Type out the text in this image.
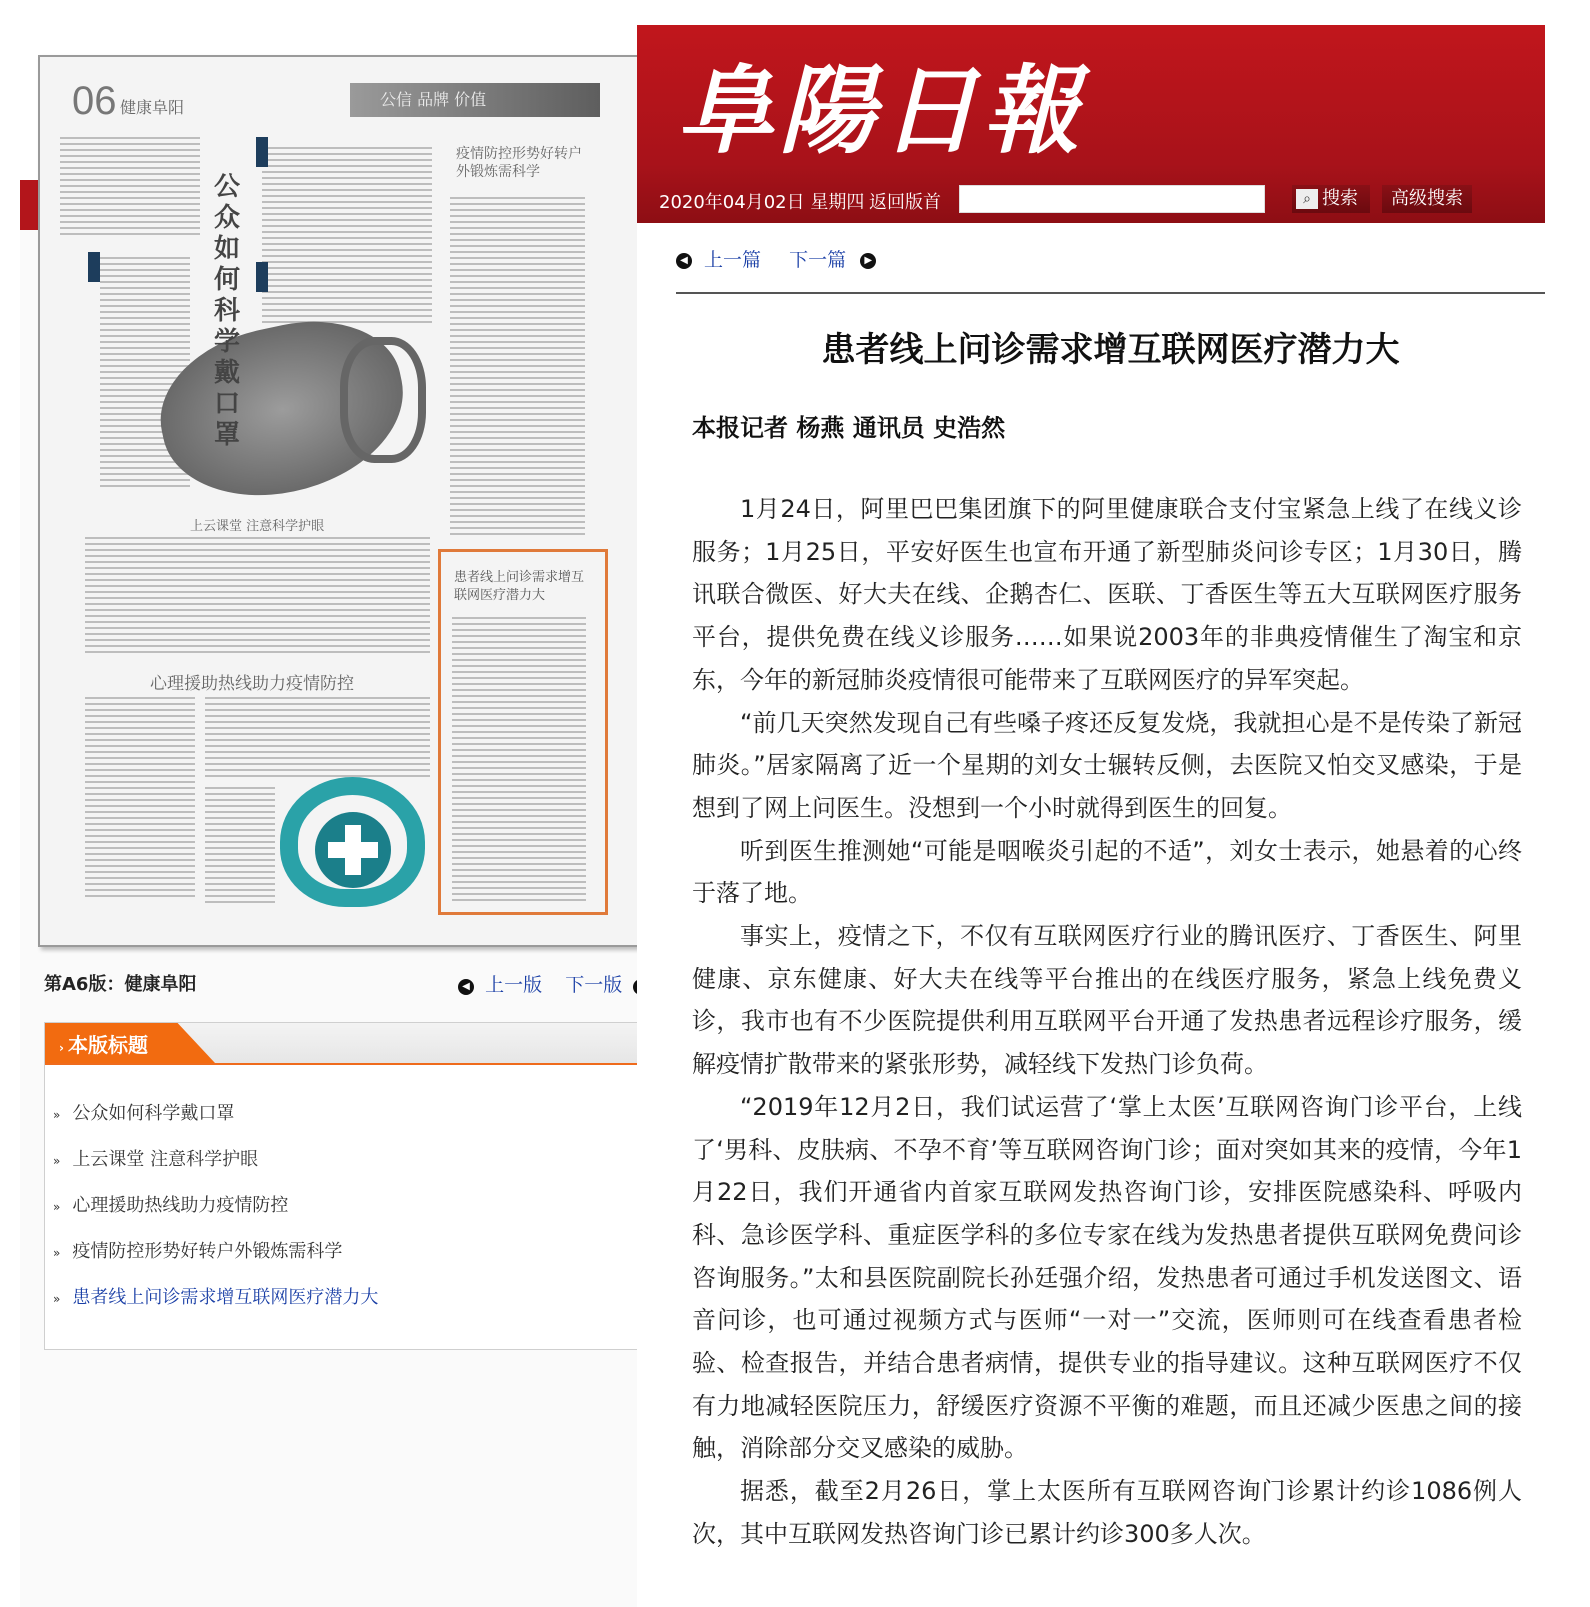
06 健康阜阳	公信 品牌 价值
公众如何科学戴口罩
上云课堂 注意科学护眼
心理援助热线助力疫情防控
疫情防控形势好转户外锻炼需科学
患者线上问诊需求增互联网医疗潜力大
第A6版：健康阜阳	◀ 上一版 下一版
› 本版标题
» 公众如何科学戴口罩
» 上云课堂 注意科学护眼
» 心理援助热线助力疫情防控
» 疫情防控形势好转户外锻炼需科学
» 患者线上问诊需求增互联网医疗潜力大
阜陽日報
2020年04月02日 星期四 返回版首	⌕ 搜索	高级搜索
◀ 上一篇 下一篇 ▶
患者线上问诊需求增互联网医疗潜力大
本报记者 杨燕 通讯员 史浩然

1月24日，阿里巴巴集团旗下的阿里健康联合支付宝紧急上线了在线义诊服务；1月25日，平安好医生也宣布开通了新型肺炎问诊专区；1月30日，腾讯联合微医、好大夫在线、企鹅杏仁、医联、丁香医生等五大互联网医疗服务平台，提供免费在线义诊服务……如果说2003年的非典疫情催生了淘宝和京东，今年的新冠肺炎疫情很可能带来了互联网医疗的异军突起。

“前几天突然发现自己有些嗓子疼还反复发烧，我就担心是不是传染了新冠肺炎。”居家隔离了近一个星期的刘女士辗转反侧，去医院又怕交叉感染，于是想到了网上问医生。没想到一个小时就得到医生的回复。

听到医生推测她“可能是咽喉炎引起的不适”，刘女士表示，她悬着的心终于落了地。

事实上，疫情之下，不仅有互联网医疗行业的腾讯医疗、丁香医生、阿里健康、京东健康、好大夫在线等平台推出的在线医疗服务，紧急上线免费义诊，我市也有不少医院提供利用互联网平台开通了发热患者远程诊疗服务，缓解疫情扩散带来的紧张形势，减轻线下发热门诊负荷。

“2019年12月2日，我们试运营了‘掌上太医’互联网咨询门诊平台，上线了‘男科、皮肤病、不孕不育’等互联网咨询门诊；面对突如其来的疫情，今年1月22日，我们开通省内首家互联网发热咨询门诊，安排医院感染科、呼吸内科、急诊医学科、重症医学科的多位专家在线为发热患者提供互联网免费问诊咨询服务。”太和县医院副院长孙廷强介绍，发热患者可通过手机发送图文、语音问诊，也可通过视频方式与医师“一对一”交流，医师则可在线查看患者检验、检查报告，并结合患者病情，提供专业的指导建议。这种互联网医疗不仅有力地减轻医院压力，舒缓医疗资源不平衡的难题，而且还减少医患之间的接触，消除部分交叉感染的威胁。

据悉，截至2月26日，掌上太医所有互联网咨询门诊累计约诊1086例人次，其中互联网发热咨询门诊已累计约诊300多人次。
